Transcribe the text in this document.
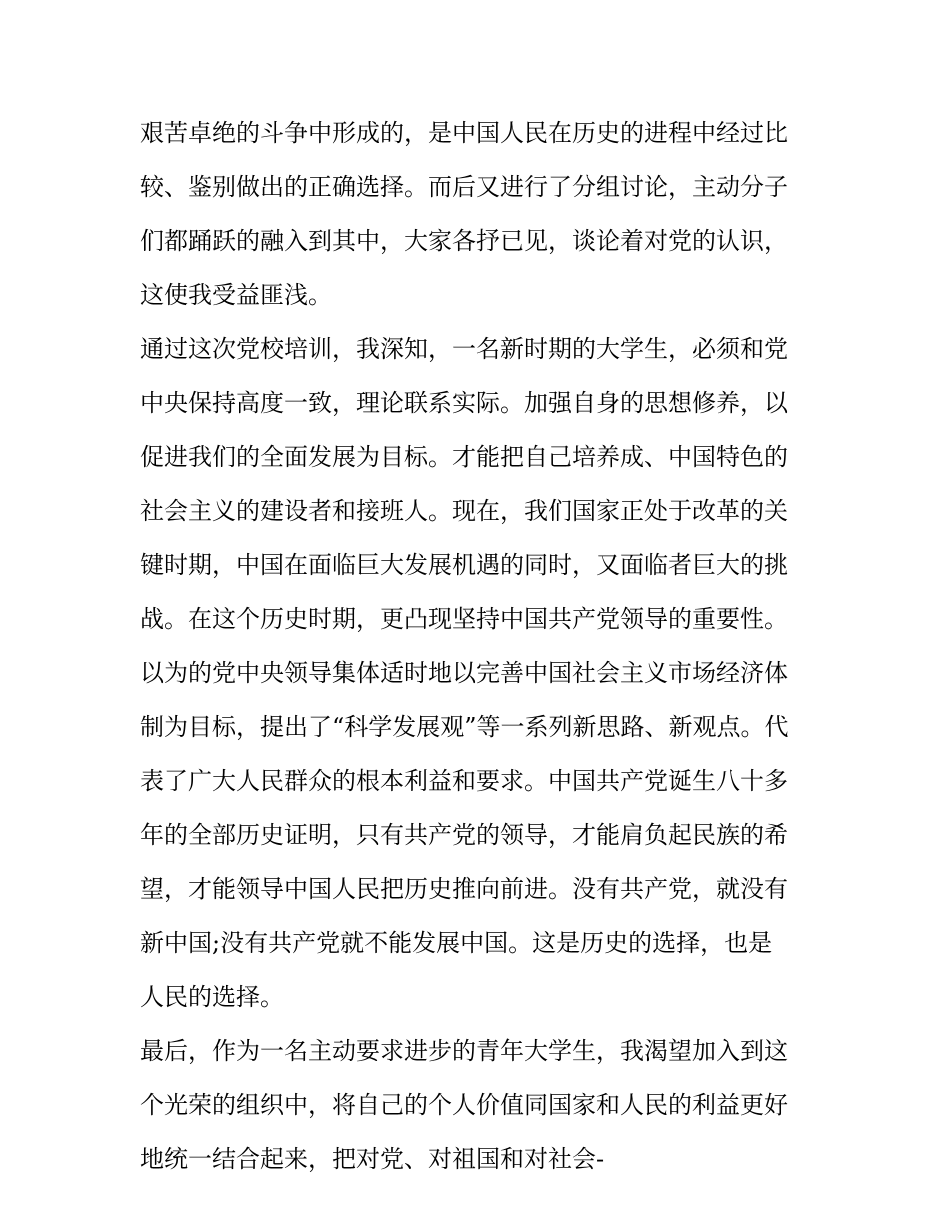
艰苦卓绝的斗争中形成的，是中国人民在历史的进程中经过比
较、鉴别做出的正确选择。而后又进行了分组讨论，主动分子
们都踊跃的融入到其中，大家各抒已见，谈论着对党的认识，
这使我受益匪浅。
通过这次党校培训，我深知，一名新时期的大学生，必须和党
中央保持高度一致，理论联系实际。加强自身的思想修养，以
促进我们的全面发展为目标。才能把自己培养成、中国特色的
社会主义的建设者和接班人。现在，我们国家正处于改革的关
键时期，中国在面临巨大发展机遇的同时，又面临者巨大的挑
战。在这个历史时期，更凸现坚持中国共产党领导的重要性。
以为的党中央领导集体适时地以完善中国社会主义市场经济体
制为目标，提出了“科学发展观”等一系列新思路、新观点。代
表了广大人民群众的根本利益和要求。中国共产党诞生八十多
年的全部历史证明，只有共产党的领导，才能肩负起民族的希
望，才能领导中国人民把历史推向前进。没有共产党，就没有
新中国;没有共产党就不能发展中国。这是历史的选择，也是
人民的选择。
最后，作为一名主动要求进步的青年大学生，我渴望加入到这
个光荣的组织中，将自己的个人价值同国家和人民的利益更好
地统一结合起来，把对党、对祖国和对社会-
